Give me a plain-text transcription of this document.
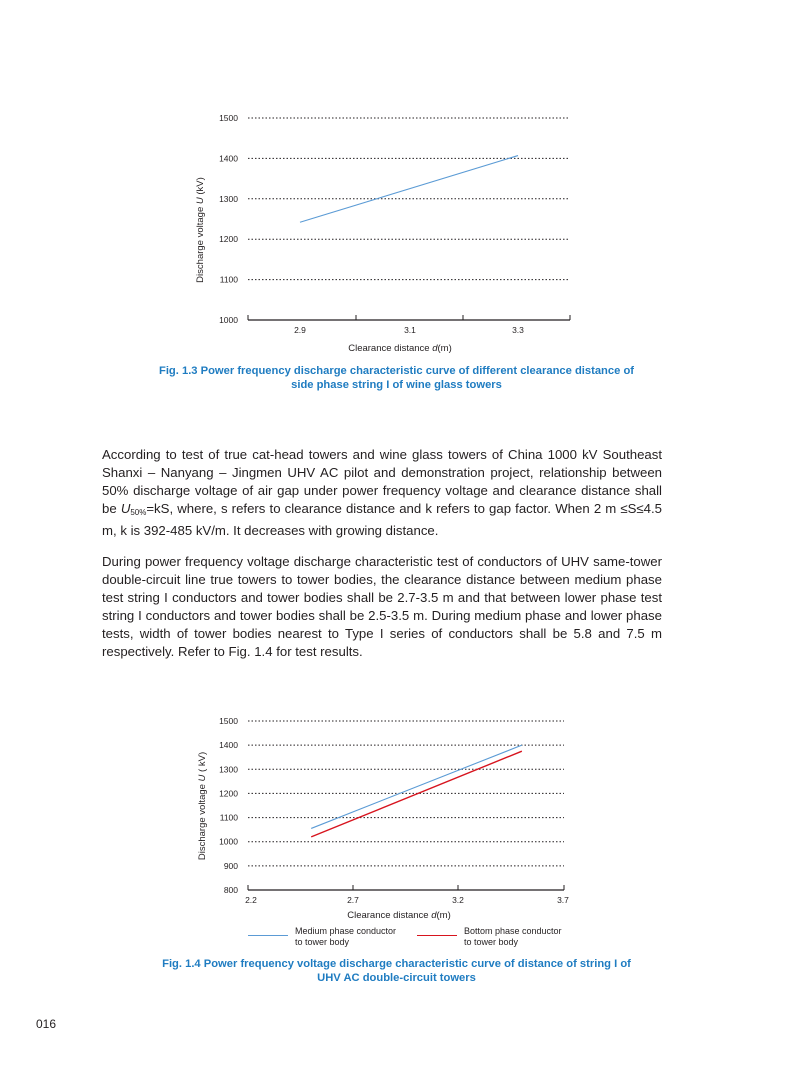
1000
1100
1200
1300
1400
1500
2.9	3.1	3.3
Clearance distance d(m)
Discharge voltage U (kV)
Fig. 1.3 Power frequency discharge characteristic curve of different clearance distance of
side phase string I of wine glass towers
According to test of true cat-head towers and wine glass towers of China 1000 kV Southeast Shanxi – Nanyang – Jingmen UHV AC pilot and demonstration project, relationship between 50% discharge voltage of air gap under power frequency voltage and clearance distance shall be $U_{50\%}=kS$, where, s refers to clearance distance and k refers to gap factor. When 2 m ≤S≤4.5 m, k is 392-485 kV/m. It decreases with growing distance.
During power frequency voltage discharge characteristic test of conductors of UHV same-tower double-circuit line true towers to tower bodies, the clearance distance between medium phase test string I conductors and tower bodies shall be 2.7-3.5 m and that between lower phase test string I conductors and tower bodies shall be 2.5-3.5 m. During medium phase and lower phase tests, width of tower bodies nearest to Type I series of conductors shall be 5.8 and 7.5 m respectively. Refer to Fig. 1.4 for test results.
800
900
1000
1100
1200
1300
1400
1500
2.2	2.7	3.2	3.7
Clearance distance d(m)
Discharge voltage U ( kV)
Medium phase conductor
to tower body
Bottom phase conductor
to tower body
Fig. 1.4 Power frequency voltage discharge characteristic curve of distance of string I of
UHV AC double-circuit towers
016
